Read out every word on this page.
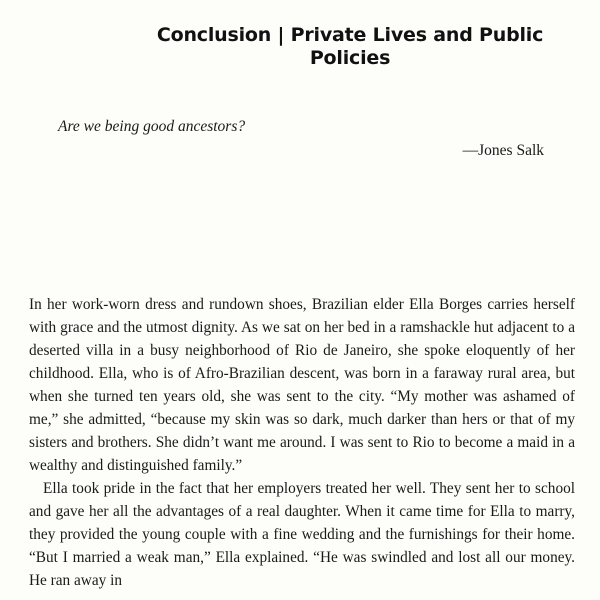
Conclusion | Private Lives and Public Policies

Are we being good ancestors?

—Jones Salk

In her work-worn dress and rundown shoes, Brazilian elder Ella Borges carries herself with grace and the utmost dignity. As we sat on her bed in a ramshackle hut adjacent to a deserted villa in a busy neighborhood of Rio de Janeiro, she spoke eloquently of her childhood. Ella, who is of Afro-Brazilian descent, was born in a faraway rural area, but when she turned ten years old, she was sent to the city. “My mother was ashamed of me,” she admitted, “because my skin was so dark, much darker than hers or that of my sisters and brothers. She didn’t want me around. I was sent to Rio to become a maid in a wealthy and distinguished family.”

Ella took pride in the fact that her employers treated her well. They sent her to school and gave her all the advantages of a real daughter. When it came time for Ella to marry, they provided the young couple with a fine wedding and the furnishings for their home. “But I married a weak man,” Ella explained. “He was swindled and lost all our money. He ran away in
